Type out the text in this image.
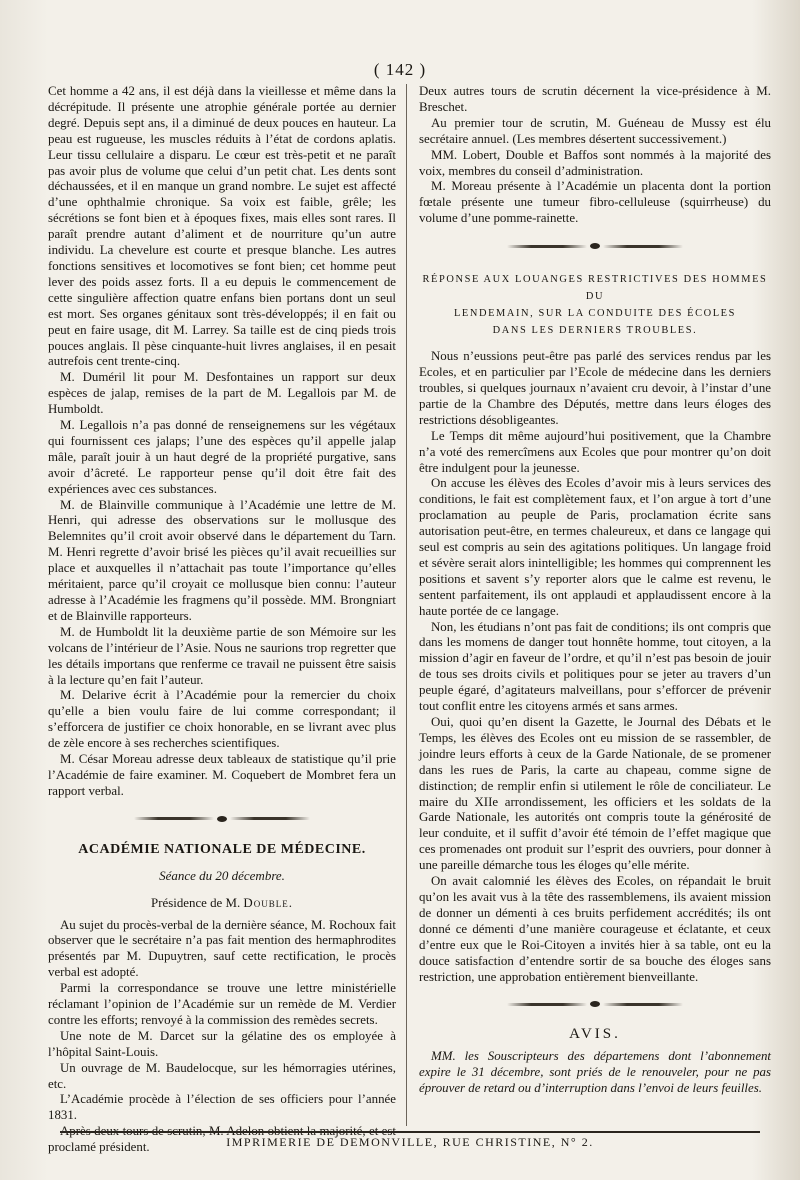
( 142 )

Cet homme a 42 ans, il est déjà dans la vieillesse et même dans la décrépitude. Il présente une atrophie générale portée au dernier degré. Depuis sept ans, il a diminué de deux pouces en hauteur. La peau est rugueuse, les muscles réduits à l’état de cordons aplatis. Leur tissu cellulaire a disparu. Le cœur est très-petit et ne paraît pas avoir plus de volume que celui d’un petit chat. Les dents sont déchaussées, et il en manque un grand nombre. Le sujet est affecté d’une ophthalmie chronique. Sa voix est faible, grêle; les sécrétions se font bien et à époques fixes, mais elles sont rares. Il paraît prendre autant d’aliment et de nourriture qu’un autre individu. La chevelure est courte et presque blanche. Les autres fonctions sensitives et locomotives se font bien; cet homme peut lever des poids assez forts. Il a eu depuis le commencement de cette singulière affection quatre enfans bien portans dont un seul est mort. Ses organes génitaux sont très-développés; il en fait ou peut en faire usage, dit M. Larrey. Sa taille est de cinq pieds trois pouces anglais. Il pèse cinquante-huit livres anglaises, il en pesait autrefois cent trente-cinq.

M. Duméril lit pour M. Desfontaines un rapport sur deux espèces de jalap, remises de la part de M. Legallois par M. de Humboldt.

M. Legallois n’a pas donné de renseignemens sur les végétaux qui fournissent ces jalaps; l’une des espèces qu’il appelle jalap mâle, paraît jouir à un haut degré de la propriété purgative, sans avoir d’âcreté. Le rapporteur pense qu’il doit être fait des expériences avec ces substances.

M. de Blainville communique à l’Académie une lettre de M. Henri, qui adresse des observations sur le mollusque des Belemnites qu’il croit avoir observé dans le département du Tarn. M. Henri regrette d’avoir brisé les pièces qu’il avait recueillies sur place et auxquelles il n’attachait pas toute l’importance qu’elles méritaient, parce qu’il croyait ce mollusque bien connu: l’auteur adresse à l’Académie les fragmens qu’il possède. MM. Brongniart et de Blainville rapporteurs.

M. de Humboldt lit la deuxième partie de son Mémoire sur les volcans de l’intérieur de l’Asie. Nous ne saurions trop regretter que les détails importans que renferme ce travail ne puissent être saisis à la lecture qu’en fait l’auteur.

M. Delarive écrit à l’Académie pour la remercier du choix qu’elle a bien voulu faire de lui comme correspondant; il s’efforcera de justifier ce choix honorable, en se livrant avec plus de zèle encore à ses recherches scientifiques.

M. César Moreau adresse deux tableaux de statistique qu’il prie l’Académie de faire examiner. M. Coquebert de Mombret fera un rapport verbal.

ACADÉMIE NATIONALE DE MÉDECINE.
Séance du 20 décembre.
Présidence de M. Double.

Au sujet du procès-verbal de la dernière séance, M. Rochoux fait observer que le secrétaire n’a pas fait mention des hermaphrodites présentés par M. Dupuytren, sauf cette rectification, le procès verbal est adopté.

Parmi la correspondance se trouve une lettre ministérielle réclamant l’opinion de l’Académie sur un remède de M. Verdier contre les efforts; renvoyé à la commission des remèdes secrets.

Une note de M. Darcet sur la gélatine des os employée à l’hôpital Saint-Louis.

Un ouvrage de M. Baudelocque, sur les hémorragies utérines, etc.

L’Académie procède à l’élection de ses officiers pour l’année 1831.

Après deux tours de scrutin, M. Adelon obtient la majorité, et est proclamé président.

Deux autres tours de scrutin décernent la vice-présidence à M. Breschet.

Au premier tour de scrutin, M. Guéneau de Mussy est élu secrétaire annuel. (Les membres désertent successivement.)

MM. Lobert, Double et Baffos sont nommés à la majorité des voix, membres du conseil d’administration.

M. Moreau présente à l’Académie un placenta dont la portion fœtale présente une tumeur fibro-celluleuse (squirrheuse) du volume d’une pomme-rainette.

RÉPONSE AUX LOUANGES RESTRICTIVES DES HOMMES DU
LENDEMAIN, SUR LA CONDUITE DES ÉCOLES
DANS LES DERNIERS TROUBLES.

Nous n’eussions peut-être pas parlé des services rendus par les Ecoles, et en particulier par l’Ecole de médecine dans les derniers troubles, si quelques journaux n’avaient cru devoir, à l’instar d’une partie de la Chambre des Députés, mettre dans leurs éloges des restrictions désobligeantes.

Le Temps dit même aujourd’hui positivement, que la Chambre n’a voté des remercîmens aux Ecoles que pour montrer qu’on doit être indulgent pour la jeunesse.

On accuse les élèves des Ecoles d’avoir mis à leurs services des conditions, le fait est complètement faux, et l’on argue à tort d’une proclamation au peuple de Paris, proclamation écrite sans autorisation peut-être, en termes chaleureux, et dans ce langage qui seul est compris au sein des agitations politiques. Un langage froid et sévère serait alors inintelligible; les hommes qui comprennent les positions et savent s’y reporter alors que le calme est revenu, le sentent parfaitement, ils ont applaudi et applaudissent encore à la haute portée de ce langage.

Non, les étudians n’ont pas fait de conditions; ils ont compris que dans les momens de danger tout honnête homme, tout citoyen, a la mission d’agir en faveur de l’ordre, et qu’il n’est pas besoin de jouir de tous ses droits civils et politiques pour se jeter au travers d’un peuple égaré, d’agitateurs malveillans, pour s’efforcer de prévenir tout conflit entre les citoyens armés et sans armes.

Oui, quoi qu’en disent la Gazette, le Journal des Débats et le Temps, les élèves des Ecoles ont eu mission de se rassembler, de joindre leurs efforts à ceux de la Garde Nationale, de se promener dans les rues de Paris, la carte au chapeau, comme signe de distinction; de remplir enfin si utilement le rôle de conciliateur. Le maire du XIIe arrondissement, les officiers et les soldats de la Garde Nationale, les autorités ont compris toute la générosité de leur conduite, et il suffit d’avoir été témoin de l’effet magique que ces promenades ont produit sur l’esprit des ouvriers, pour donner à une pareille démarche tous les éloges qu’elle mérite.

On avait calomnié les élèves des Ecoles, on répandait le bruit qu’on les avait vus à la tête des rassemblemens, ils avaient mission de donner un démenti à ces bruits perfidement accrédités; ils ont donné ce démenti d’une manière courageuse et éclatante, et ceux d’entre eux que le Roi-Citoyen a invités hier à sa table, ont eu la douce satisfaction d’entendre sortir de sa bouche des éloges sans restriction, une approbation entièrement bienveillante.

AVIS.

MM. les Souscripteurs des départemens dont l’abonnement expire le 31 décembre, sont priés de le renouveler, pour ne pas éprouver de retard ou d’interruption dans l’envoi de leurs feuilles.

IMPRIMERIE DE DEMONVILLE, RUE CHRISTINE, N° 2.
